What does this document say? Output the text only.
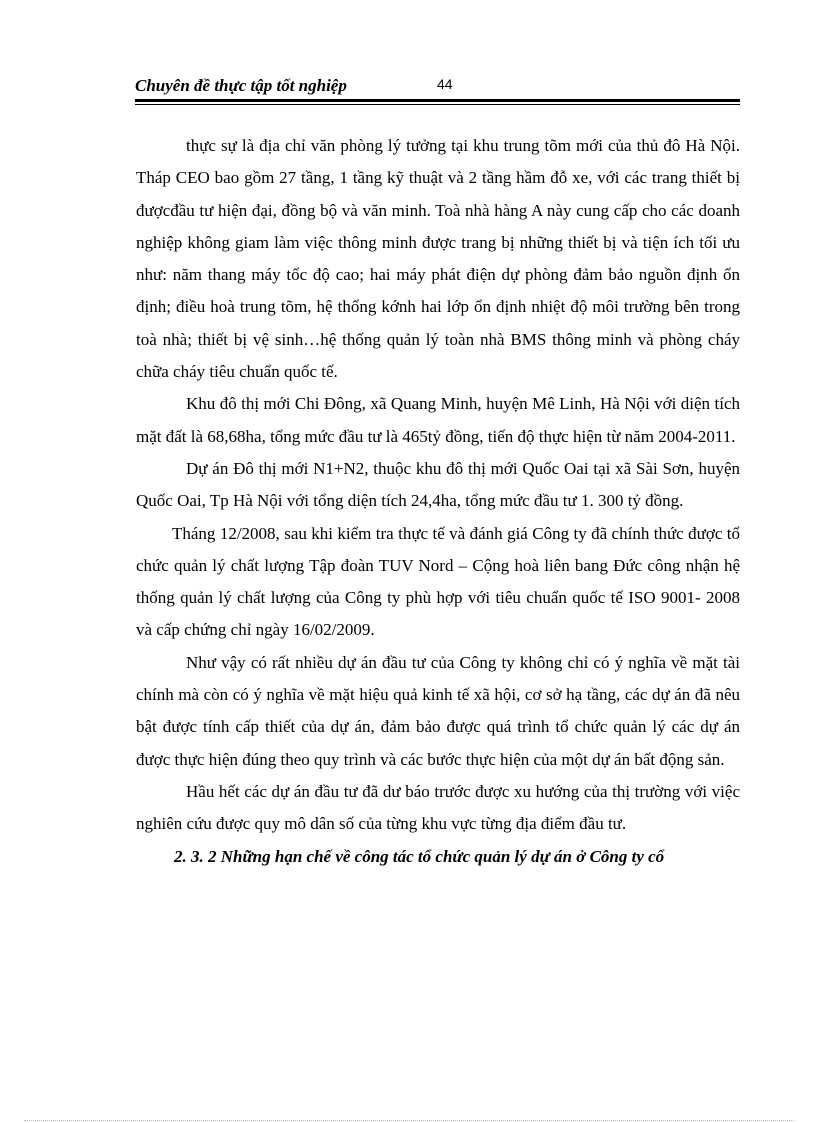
Chuyên đề thực tập tốt nghiệp	44

thực sự là địa chỉ văn phòng lý tưởng tại khu trung tõm mới của thủ đô Hà Nội. Tháp CEO bao gồm 27 tầng, 1 tầng kỹ thuật và 2 tầng hầm đỗ xe, với các trang thiết bị đượcđầu tư hiện đại, đồng bộ và văn minh. Toà nhà hàng A này cung cấp cho các doanh nghiệp không giam làm việc thông minh được trang bị những thiết bị và tiện ích tối ưu như: năm thang máy tốc độ cao; hai máy phát điện dự phòng đảm bảo nguồn định ổn định; điều hoà trung tõm, hệ thống kớnh hai lớp ổn định nhiệt độ môi trường bên trong toà nhà; thiết bị vệ sinh…hệ thống quản lý toàn nhà BMS thông minh và phòng cháy chữa cháy tiêu chuẩn quốc tế.

Khu đô thị mới Chi Đông, xã Quang Minh, huyện Mê Linh, Hà Nội với diện tích mặt đất là 68,68ha, tổng mức đầu tư là 465tỷ đồng, tiến độ thực hiện từ năm 2004-2011.

Dự án Đô thị mới N1+N2, thuộc khu đô thị mới Quốc Oai tại xã Sài Sơn, huyện Quốc Oai, Tp Hà Nội với tổng diện tích 24,4ha, tổng mức đầu tư 1. 300 tỷ đồng.

Tháng 12/2008, sau khi kiểm tra thực tế và đánh giá Công ty đã chính thức được tổ chức quản lý chất lượng Tập đoàn TUV Nord – Cộng hoà liên bang Đức công nhận hệ thống quản lý chất lượng của Công ty phù hợp với tiêu chuẩn quốc tế ISO 9001- 2008 và cấp chứng chỉ ngày 16/02/2009.

Như vậy có rất nhiều dự án đầu tư của Công ty không chỉ có ý nghĩa về mặt tài chính mà còn có ý nghĩa về mặt hiệu quả kinh tế xã hội, cơ sở hạ tầng, các dự án đã nêu bật được tính cấp thiết của dự án, đảm bảo được quá trình tổ chức quản lý các dự án được thực hiện đúng theo quy trình và các bước thực hiện của một dự án bất động sản.

Hầu hết các dự án đầu tư đã dư báo trước được xu hướng của thị trường với việc nghiên cứu được quy mô dân số của từng khu vực từng địa điểm đầu tư.

2. 3. 2 Những hạn chế về công tác tổ chức quản lý dự án ở Công ty cổ
